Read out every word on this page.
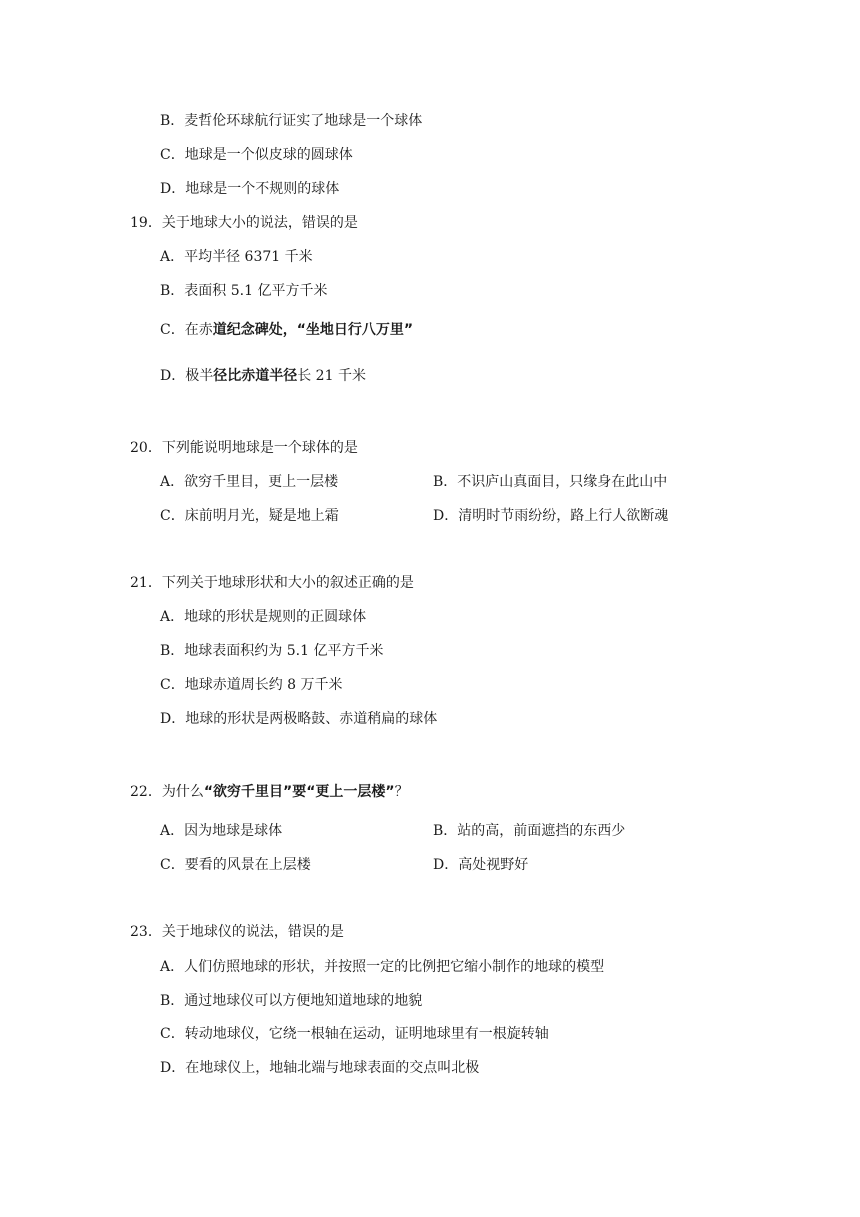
B．麦哲伦环球航行证实了地球是一个球体
C．地球是一个似皮球的圆球体
D．地球是一个不规则的球体
19．关于地球大小的说法，错误的是
A．平均半径 6371 千米
B．表面积 5.1 亿平方千米
C．在赤道纪念碑处，“坐地日行八万里”
D．极半径比赤道半径长 21 千米
20．下列能说明地球是一个球体的是
A．欲穷千里目，更上一层楼	B．不识庐山真面目，只缘身在此山中
C．床前明月光，疑是地上霜	D．清明时节雨纷纷，路上行人欲断魂
21．下列关于地球形状和大小的叙述正确的是
A．地球的形状是规则的正圆球体
B．地球表面积约为 5.1 亿平方千米
C．地球赤道周长约 8 万千米
D．地球的形状是两极略鼓、赤道稍扁的球体
22．为什么“欲穷千里目”要“更上一层楼”？
A．因为地球是球体	B．站的高，前面遮挡的东西少
C．要看的风景在上层楼	D．高处视野好
23．关于地球仪的说法，错误的是
A．人们仿照地球的形状，并按照一定的比例把它缩小制作的地球的模型
B．通过地球仪可以方便地知道地球的地貌
C．转动地球仪，它绕一根轴在运动，证明地球里有一根旋转轴
D．在地球仪上，地轴北端与地球表面的交点叫北极
